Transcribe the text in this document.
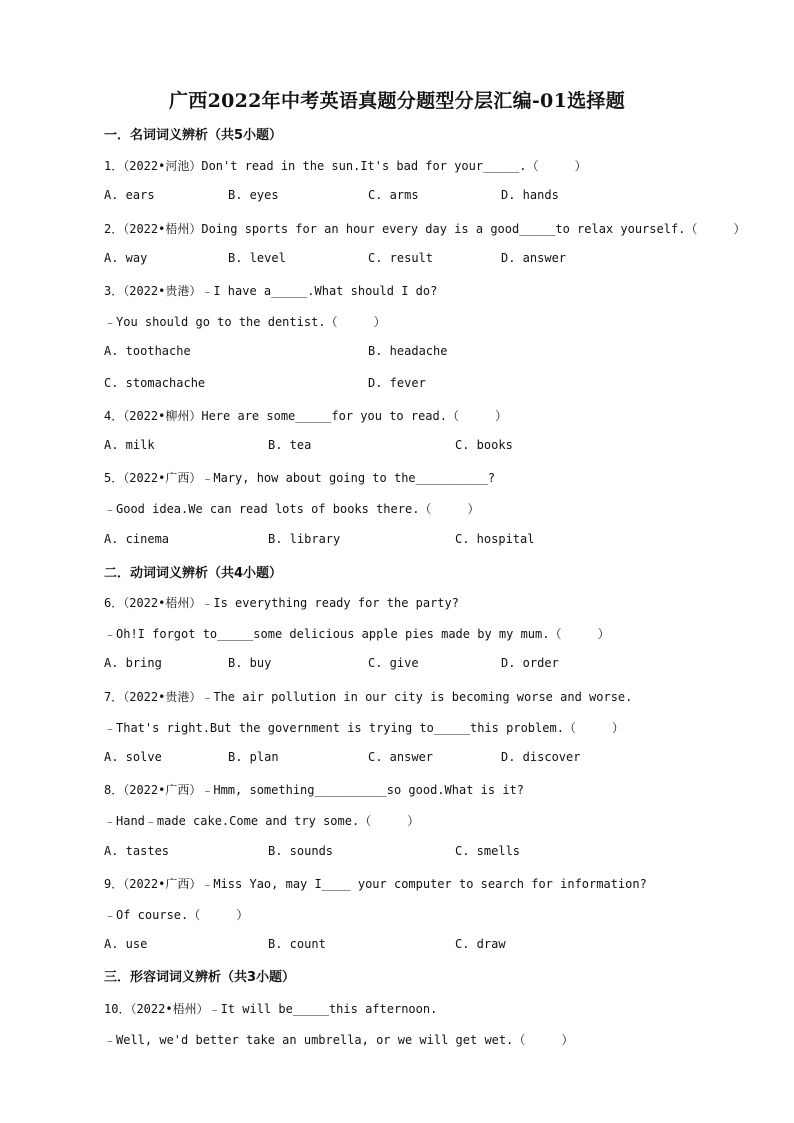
广西2022年中考英语真题分题型分层汇编-01选择题
一．名词词义辨析（共5小题）
1．（2022•河池）Don't read in the sun.It's bad for your_____.（     ）
A. ears	B. eyes	C. arms	D. hands
2．（2022•梧州）Doing sports for an hour every day is a good_____to relax yourself.（     ）
A. way	B. level	C. result	D. answer
3．（2022•贵港）﹣I have a_____.What should I do?
﹣You should go to the dentist.（     ）
A. toothache	B. headache
C. stomachache	D. fever
4．（2022•柳州）Here are some_____for you to read.（     ）
A. milk	B. tea	C. books
5．（2022•广西）﹣Mary, how about going to the__________?
﹣Good idea.We can read lots of books there.（     ）
A. cinema	B. library	C. hospital
二．动词词义辨析（共4小题）
6．（2022•梧州）﹣Is everything ready for the party?
﹣Oh!I forgot to_____some delicious apple pies made by my mum.（     ）
A. bring	B. buy	C. give	D. order
7．（2022•贵港）﹣The air pollution in our city is becoming worse and worse.
﹣That's right.But the government is trying to_____this problem.（     ）
A. solve	B. plan	C. answer	D. discover
8．（2022•广西）﹣Hmm, something__________so good.What is it?
﹣Hand﹣made cake.Come and try some.（     ）
A. tastes	B. sounds	C. smells
9．（2022•广西）﹣Miss Yao, may I____ your computer to search for information?
﹣Of course.（     ）
A. use	B. count	C. draw
三．形容词词义辨析（共3小题）
10．（2022•梧州）﹣It will be_____this afternoon.
﹣Well, we'd better take an umbrella, or we will get wet.（     ）
